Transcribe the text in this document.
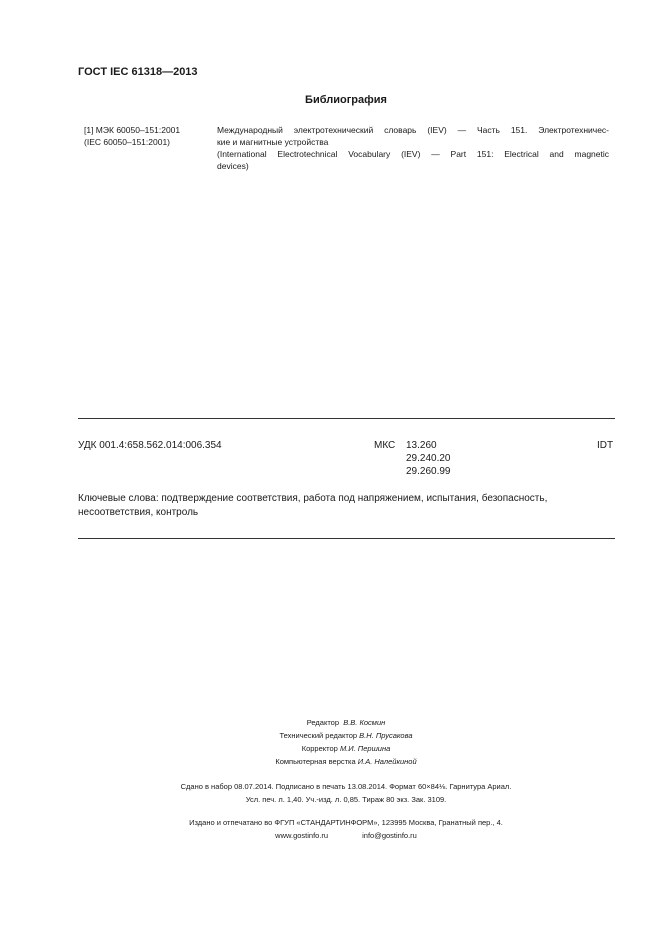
ГОСТ IEC 61318—2013
Библиография
[1] МЭК 60050–151:2001
(IEC 60050–151:2001)
Международный электротехнический словарь (IEV) — Часть 151. Электротехничес-
кие и магнитные устройства
(International Electrotechnical Vocabulary (IEV) — Part 151: Electrical and magnetic
devices)
УДК 001.4:658.562.014:006.354	МКС 13.260
29.240.20
29.260.99
IDT
Ключевые слова: подтверждение соответствия, работа под напряжением, испытания, безопасность, несоответствия, контроль
Редактор В.В. Космин
Технический редактор В.Н. Прусакова
Корректор М.И. Першина
Компьютерная верстка И.А. Налейкиной
Сдано в набор 08.07.2014. Подписано в печать 13.08.2014. Формат 60×84⅛. Гарнитура Ариал.
Усл. печ. л. 1,40. Уч.-изд. л. 0,85. Тираж 80 экз. Зак. 3109.
Издано и отпечатано во ФГУП «СТАНДАРТИНФОРМ», 123995 Москва, Гранатный пер., 4.
www.gostinfo.ru	info@gostinfo.ru
